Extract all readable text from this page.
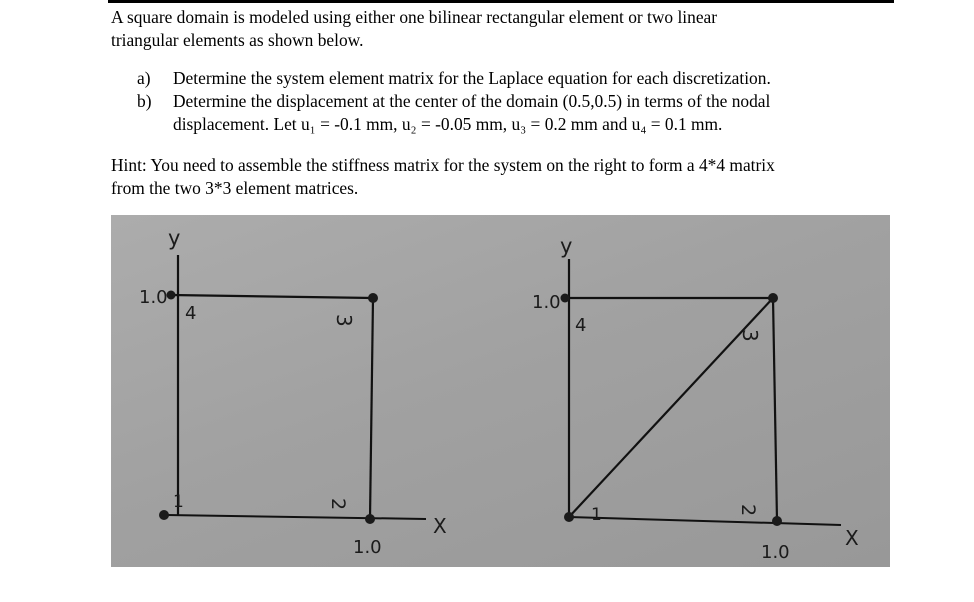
A square domain is modeled using either one bilinear rectangular element or two linear
triangular elements as shown below.
a)	Determine the system element matrix for the Laplace equation for each discretization.
b)	Determine the displacement at the center of the domain (0.5,0.5) in terms of the nodal
displacement. Let u₁ = -0.1 mm, u₂ = -0.05 mm, u₃ = 0.2 mm and u₄ = 0.1 mm.
Hint: You need to assemble the stiffness matrix for the system on the right to form a 4*4 matrix
from the two 3*3 element matrices.
y
1.0
4	3
1	2
1.0
X
y
1.0
4	3
1	2
1.0
X
